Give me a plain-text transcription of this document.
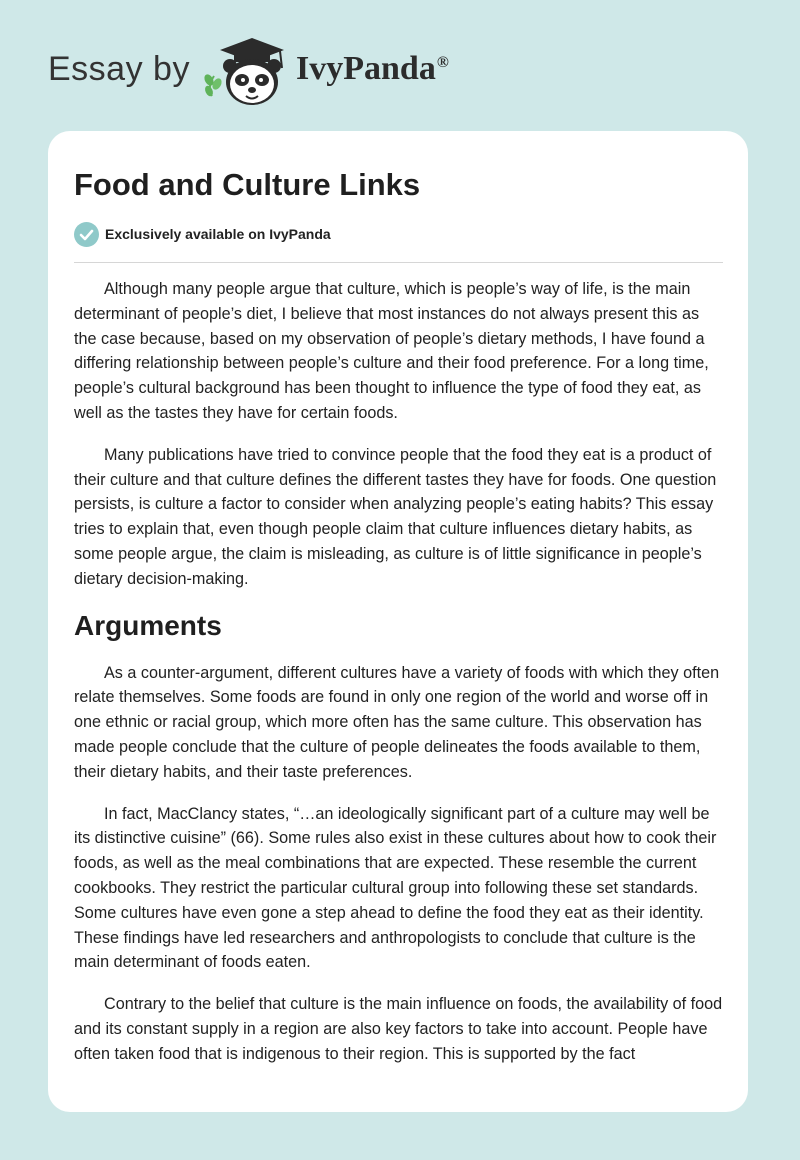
Essay by	IvyPanda®
Food and Culture Links
Exclusively available on IvyPanda

Although many people argue that culture, which is people’s way of life, is the main determinant of people’s diet, I believe that most instances do not always present this as the case because, based on my observation of people’s dietary methods, I have found a differing relationship between people’s culture and their food preference. For a long time, people’s cultural background has been thought to influence the type of food they eat, as well as the tastes they have for certain foods.

Many publications have tried to convince people that the food they eat is a product of their culture and that culture defines the different tastes they have for foods. One question persists, is culture a factor to consider when analyzing people’s eating habits? This essay tries to explain that, even though people claim that culture influences dietary habits, as some people argue, the claim is misleading, as culture is of little significance in people’s dietary decision-making.

Arguments

As a counter-argument, different cultures have a variety of foods with which they often relate themselves. Some foods are found in only one region of the world and worse off in one ethnic or racial group, which more often has the same culture. This observation has made people conclude that the culture of people delineates the foods available to them, their dietary habits, and their taste preferences.

In fact, MacClancy states, “…an ideologically significant part of a culture may well be its distinctive cuisine” (66). Some rules also exist in these cultures about how to cook their foods, as well as the meal combinations that are expected. These resemble the current cookbooks. They restrict the particular cultural group into following these set standards. Some cultures have even gone a step ahead to define the food they eat as their identity. These findings have led researchers and anthropologists to conclude that culture is the main determinant of foods eaten.

Contrary to the belief that culture is the main influence on foods, the availability of food and its constant supply in a region are also key factors to take into account. People have often taken food that is indigenous to their region. This is supported by the fact
